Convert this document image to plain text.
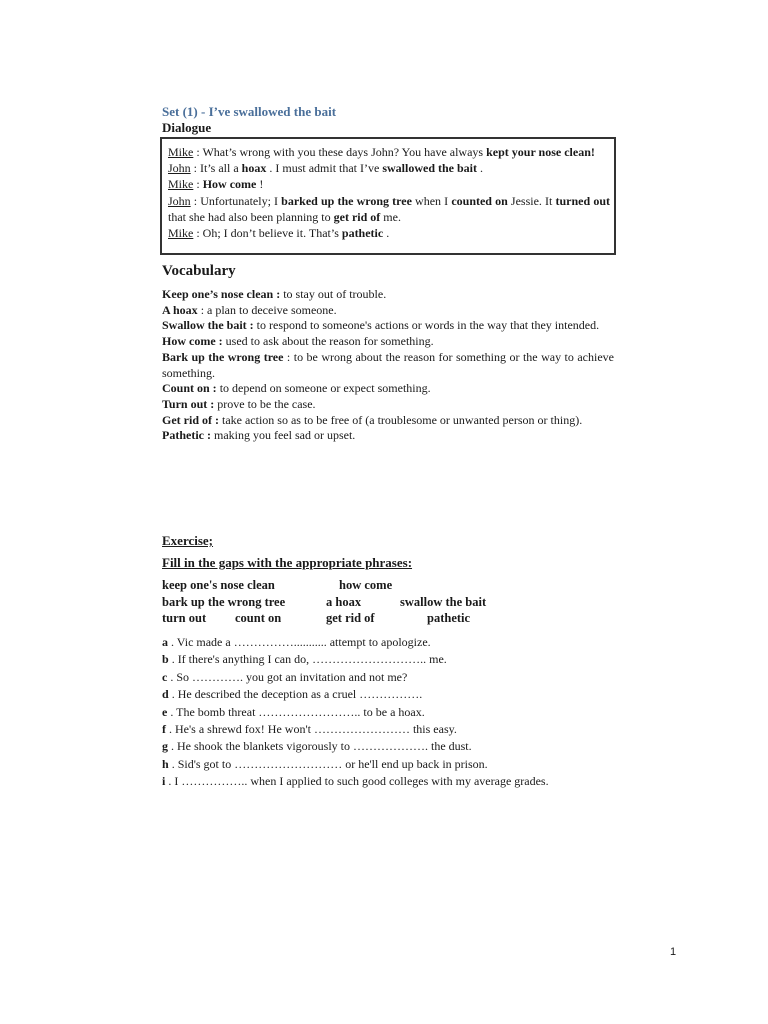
Set (1) - I’ve swallowed the bait
Dialogue

Mike : What’s wrong with you these days John? You have always kept your nose clean!

John : It’s all a hoax . I must admit that I’ve swallowed the bait .

Mike : How come !

John : Unfortunately; I barked up the wrong tree when I counted on Jessie. It turned out that she had also been planning to get rid of me.

Mike : Oh; I don’t believe it. That’s pathetic .

Vocabulary

Keep one’s nose clean : to stay out of trouble.

A hoax : a plan to deceive someone.

Swallow the bait : to respond to someone's actions or words in the way that they intended.

How come : used to ask about the reason for something.

Bark up the wrong tree : to be wrong about the reason for something or the way to achieve something.

Count on : to depend on someone or expect something.

Turn out : prove to be the case.

Get rid of : take action so as to be free of (a troublesome or unwanted person or thing).

Pathetic : making you feel sad or upset.

Exercise;
Fill in the gaps with the appropriate phrases:
keep one's nose clean	how come
bark up the wrong tree	a hoax	swallow the bait
turn out count on	get rid of	pathetic

a . Vic made a ……………........... attempt to apologize.

b . If there's anything I can do, ……………………….. me.

c . So …………. you got an invitation and not me?

d . He described the deception as a cruel …………….

e . The bomb threat …………………….. to be a hoax.

f . He's a shrewd fox! He won't …………………… this easy.

g . He shook the blankets vigorously to ………………. the dust.

h . Sid's got to ……………………… or he'll end up back in prison.

i . I …………….. when I applied to such good colleges with my average grades.

1
